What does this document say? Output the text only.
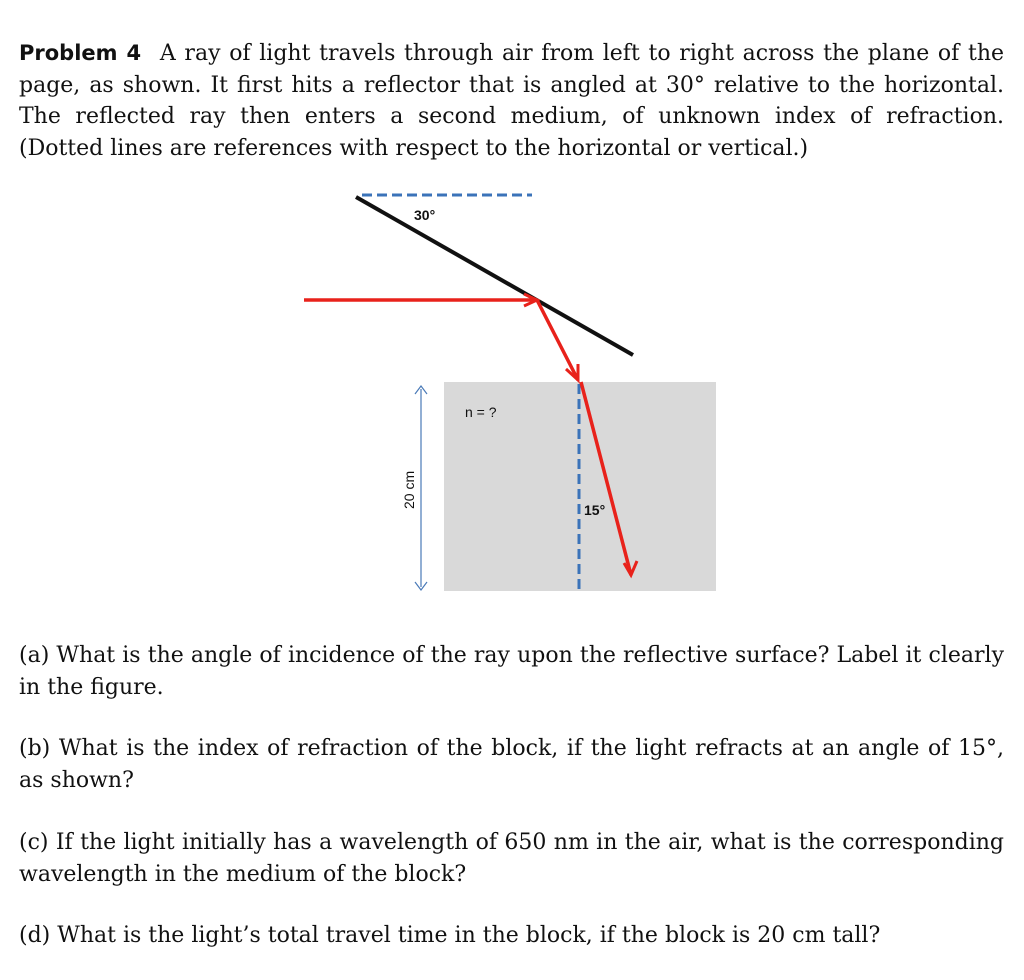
Problem 4 A ray of light travels through air from left to right across the plane of the page, as shown. It first hits a reflector that is angled at 30° relative to the horizontal. The reflected ray then enters a second medium, of unknown index of refraction. (Dotted lines are references with respect to the horizontal or vertical.)
30°
n = ?
15°
20 cm
(a) What is the angle of incidence of the ray upon the reflective surface? Label it clearly in the figure.
(b) What is the index of refraction of the block, if the light refracts at an angle of 15°, as shown?
(c) If the light initially has a wavelength of 650 nm in the air, what is the corresponding wavelength in the medium of the block?
(d) What is the light’s total travel time in the block, if the block is 20 cm tall?
